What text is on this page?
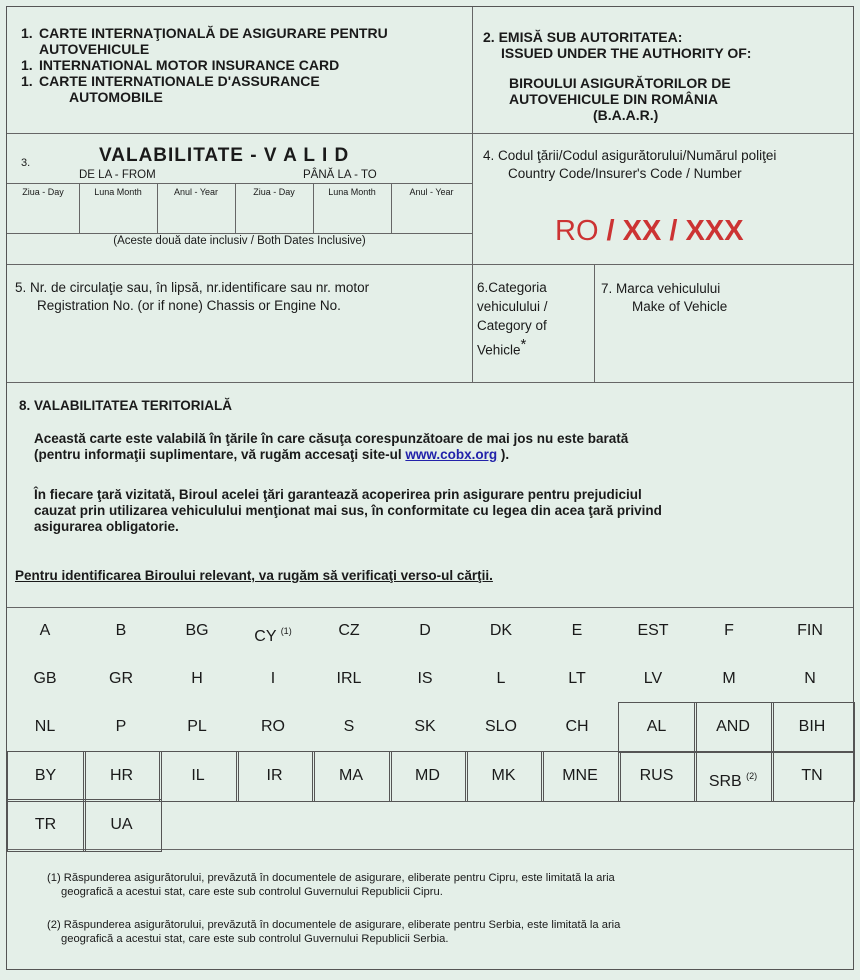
1. CARTE INTERNAŢIONALĂ DE ASIGURARE PENTRU
AUTOVEHICULE
1. INTERNATIONAL MOTOR INSURANCE CARD
1. CARTE INTERNATIONALE D'ASSURANCE
AUTOMOBILE
2. EMISĂ SUB AUTORITATEA:
ISSUED UNDER THE AUTHORITY OF:
BIROULUI ASIGURĂTORILOR DE
AUTOVEHICULE DIN ROMÂNIA
(B.A.A.R.)
3.	VALABILITATE - V A L I D
DE LA - FROM	PÂNĂ LA - TO
Ziua - Day	Luna Month	Anul - Year	Ziua - Day	Luna Month	Anul - Year
(Aceste două date inclusiv / Both Dates Inclusive)
4. Codul ţării/Codul asigurătorului/Numărul poliţei
Country Code/Insurer's Code / Number
RO / XX / XXX
5. Nr. de circulaţie sau, în lipsă, nr.identificare sau nr. motor
Registration No. (or if none) Chassis or Engine No.
6.Categoria
vehiculului /
Category of
Vehicle*
7. Marca vehiculului
Make of Vehicle
8. VALABILITATEA TERITORIALĂ
Această carte este valabilă în ţările în care căsuţa corespunzătoare de mai jos nu este barată
(pentru informaţii suplimentare, vă rugăm accesaţi site-ul www.cobx.org ).
În fiecare ţară vizitată, Biroul acelei ţări garantează acoperirea prin asigurare pentru prejudiciul
cauzat prin utilizarea vehiculului menţionat mai sus, în conformitate cu legea din acea ţară privind
asigurarea obligatorie.
Pentru identificarea Biroului relevant, va rugăm să verificaţi verso-ul cărţii.
A	B	BG	CY $^{(1)}$	CZ	D	DK	E	EST	F	FIN
GB	GR	H	I	IRL	IS	L	LT	LV	M	N
NL	P	PL	RO	S	SK	SLO	CH	AL	AND	BIH
BY	HR	IL	IR	MA	MD	MK	MNE	RUS	SRB $^{(2)}$	TN
TR	UA
(1) Răspunderea asigurătorului, prevăzută în documentele de asigurare, eliberate pentru Cipru, este limitată la aria
geografică a acestui stat, care este sub controlul Guvernului Republicii Cipru.
(2) Răspunderea asigurătorului, prevăzută în documentele de asigurare, eliberate pentru Serbia, este limitată la aria
geografică a acestui stat, care este sub controlul Guvernului Republicii Serbia.
